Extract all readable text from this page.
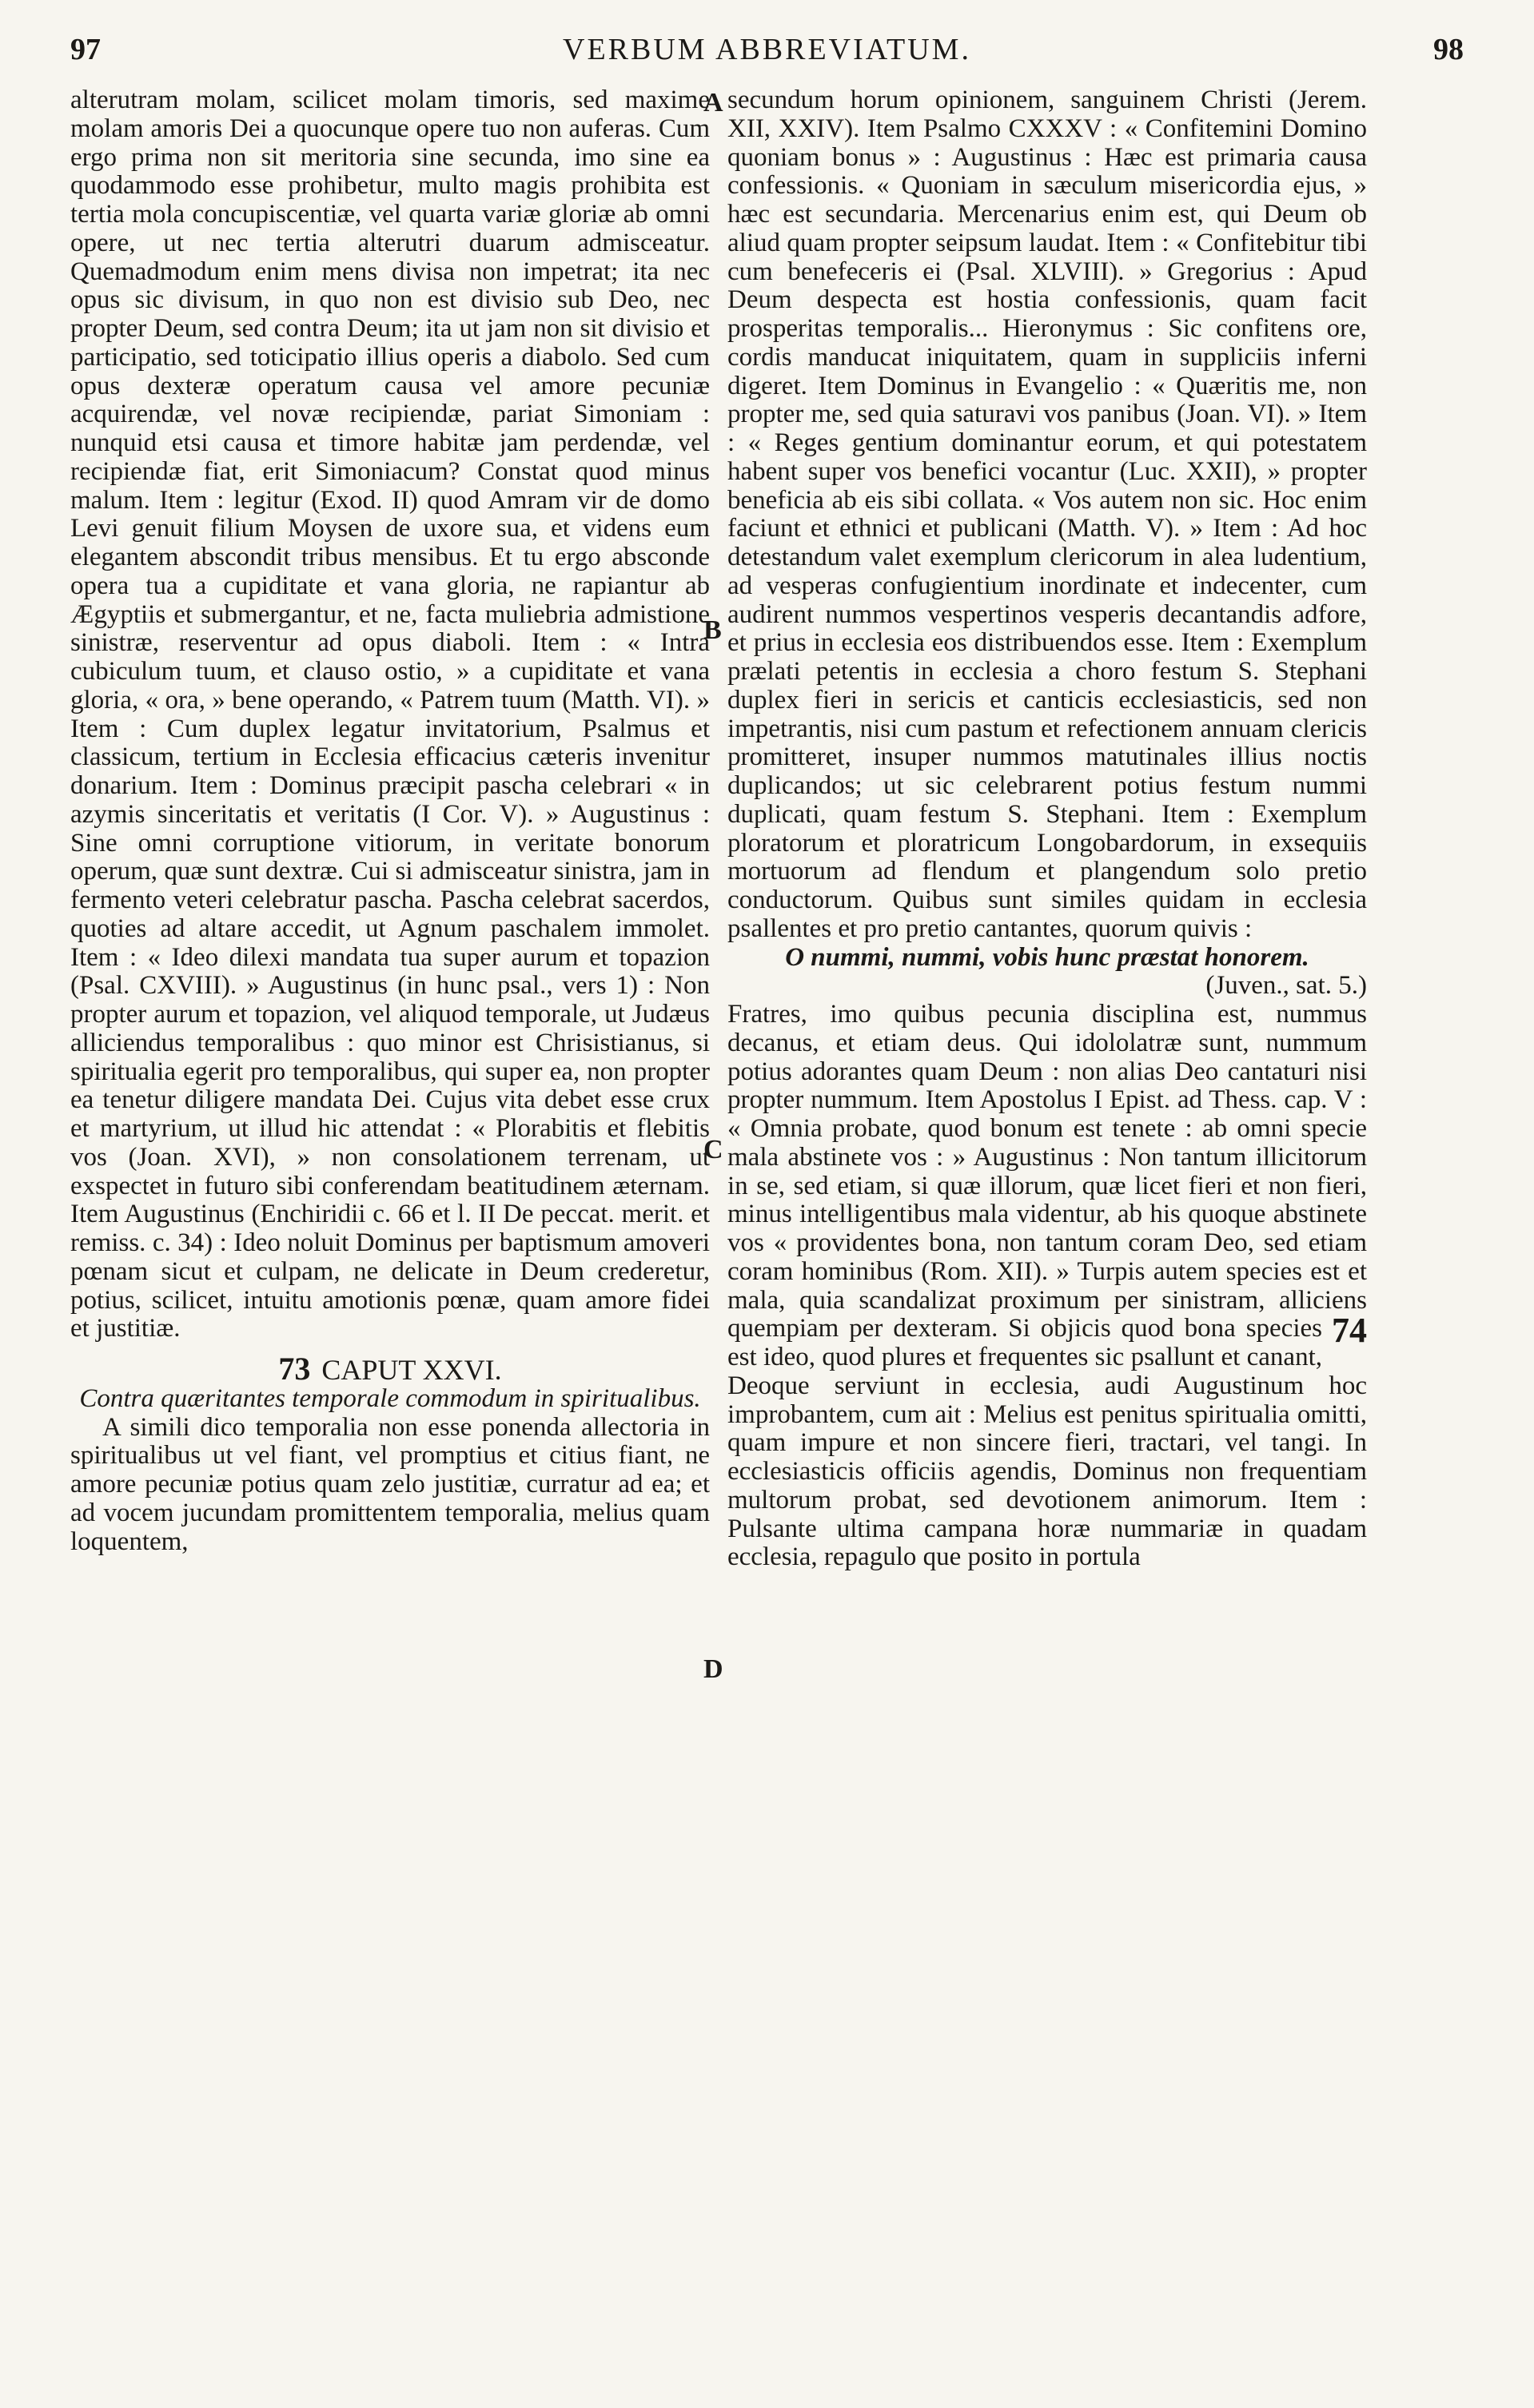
97	VERBUM ABBREVIATUM.	98
A
B
C
D

alterutram molam, scilicet molam timoris, sed maxime molam amoris Dei a quocunque opere tuo non auferas. Cum ergo prima non sit meritoria sine secunda, imo sine ea quodammodo esse prohibetur, multo magis prohibita est tertia mola concupiscentiæ, vel quarta variæ gloriæ ab omni opere, ut nec tertia alterutri duarum admisceatur. Quemadmodum enim mens divisa non impetrat; ita nec opus sic divisum, in quo non est divisio sub Deo, nec propter Deum, sed contra Deum; ita ut jam non sit divisio et participatio, sed toticipatio illius operis a diabolo. Sed cum opus dexteræ operatum causa vel amore pecuniæ acquirendæ, vel novæ recipiendæ, pariat Simoniam : nunquid etsi causa et timore habitæ jam perdendæ, vel recipiendæ fiat, erit Simoniacum? Constat quod minus malum. Item : legitur (Exod. II) quod Amram vir de domo Levi genuit filium Moysen de uxore sua, et videns eum elegantem abscondit tribus mensibus. Et tu ergo absconde opera tua a cupiditate et vana gloria, ne rapiantur ab Ægyptiis et submergantur, et ne, facta muliebria admistione sinistræ, reserventur ad opus diaboli. Item : « Intra cubiculum tuum, et clauso ostio, » a cupiditate et vana gloria, « ora, » bene operando, « Patrem tuum (Matth. VI). » Item : Cum duplex legatur invitatorium, Psalmus et classicum, tertium in Ecclesia efficacius cæteris invenitur donarium. Item : Dominus præcipit pascha celebrari « in azymis sinceritatis et veritatis (I Cor. V). » Augustinus : Sine omni corruptione vitiorum, in veritate bonorum operum, quæ sunt dextræ. Cui si admisceatur sinistra, jam in fermento veteri celebratur pascha. Pascha celebrat sacerdos, quoties ad altare accedit, ut Agnum paschalem immolet. Item : « Ideo dilexi mandata tua super aurum et topazion (Psal. CXVIII). » Augustinus (in hunc psal., vers 1) : Non propter aurum et topazion, vel aliquod temporale, ut Judæus alliciendus temporalibus : quo minor est Chrisistianus, si spiritualia egerit pro temporalibus, qui super ea, non propter ea tenetur diligere mandata Dei. Cujus vita debet esse crux et martyrium, ut illud hic attendat : « Plorabitis et flebitis vos (Joan. XVI), » non consolationem terrenam, ut exspectet in futuro sibi conferendam beatitudinem æternam. Item Augustinus (Enchiridii c. 66 et l. II De peccat. merit. et remiss. c. 34) : Ideo noluit Dominus per baptismum amoveri pœnam sicut et culpam, ne delicate in Deum crederetur, potius, scilicet, intuitu amotionis pœnæ, quam amore fidei et justitiæ.

73 CAPUT XXVI.

Contra quæritantes temporale commodum in spiritualibus.

A simili dico temporalia non esse ponenda allectoria in spiritualibus ut vel fiant, vel promptius et citius fiant, ne amore pecuniæ potius quam zelo justitiæ, curratur ad ea; et ad vocem jucundam promittentem temporalia, melius quam loquentem,

secundum horum opinionem, sanguinem Christi (Jerem. XII, XXIV). Item Psalmo CXXXV : « Confitemini Domino quoniam bonus » : Augustinus : Hæc est primaria causa confessionis. « Quoniam in sæculum misericordia ejus, » hæc est secundaria. Mercenarius enim est, qui Deum ob aliud quam propter seipsum laudat. Item : « Confitebitur tibi cum benefeceris ei (Psal. XLVIII). » Gregorius : Apud Deum despecta est hostia confessionis, quam facit prosperitas temporalis... Hieronymus : Sic confitens ore, cordis manducat iniquitatem, quam in suppliciis inferni digeret. Item Dominus in Evangelio : « Quæritis me, non propter me, sed quia saturavi vos panibus (Joan. VI). » Item : « Reges gentium dominantur eorum, et qui potestatem habent super vos benefici vocantur (Luc. XXII), » propter beneficia ab eis sibi collata. « Vos autem non sic. Hoc enim faciunt et ethnici et publicani (Matth. V). » Item : Ad hoc detestandum valet exemplum clericorum in alea ludentium, ad vesperas confugientium inordinate et indecenter, cum audirent nummos vespertinos vesperis decantandis adfore, et prius in ecclesia eos distribuendos esse. Item : Exemplum prælati petentis in ecclesia a choro festum S. Stephani duplex fieri in sericis et canticis ecclesiasticis, sed non impetrantis, nisi cum pastum et refectionem annuam clericis promitteret, insuper nummos matutinales illius noctis duplicandos; ut sic celebrarent potius festum nummi duplicati, quam festum S. Stephani. Item : Exemplum ploratorum et ploratricum Longobardorum, in exsequiis mortuorum ad flendum et plangendum solo pretio conductorum. Quibus sunt similes quidam in ecclesia psallentes et pro pretio cantantes, quorum quivis :

O nummi, nummi, vobis hunc præstat honorem.

(Juven., sat. 5.)

Fratres, imo quibus pecunia disciplina est, nummus decanus, et etiam deus. Qui idololatræ sunt, nummum potius adorantes quam Deum : non alias Deo cantaturi nisi propter nummum. Item Apostolus I Epist. ad Thess. cap. V : « Omnia probate, quod bonum est tenete : ab omni specie mala abstinete vos : » Augustinus : Non tantum illicitorum in se, sed etiam, si quæ illorum, quæ licet fieri et non fieri, minus intelligentibus mala videntur, ab his quoque abstinete vos « providentes bona, non tantum coram Deo, sed etiam coram hominibus (Rom. XII). » Turpis autem species est et mala, quia scandalizat proximum per sinistram, alliciens
74
quempiam per dexteram. Si objicis quod bona species est ideo, quod plures et frequentes sic psallunt et canant, Deoque serviunt in ecclesia, audi Augustinum hoc improbantem, cum ait : Melius est penitus spiritualia omitti, quam impure et non sincere fieri, tractari, vel tangi. In ecclesiasticis officiis agendis, Dominus non frequentiam multorum probat, sed devotionem animorum. Item : Pulsante ultima campana horæ nummariæ in quadam ecclesia, repagulo que posito in portula
